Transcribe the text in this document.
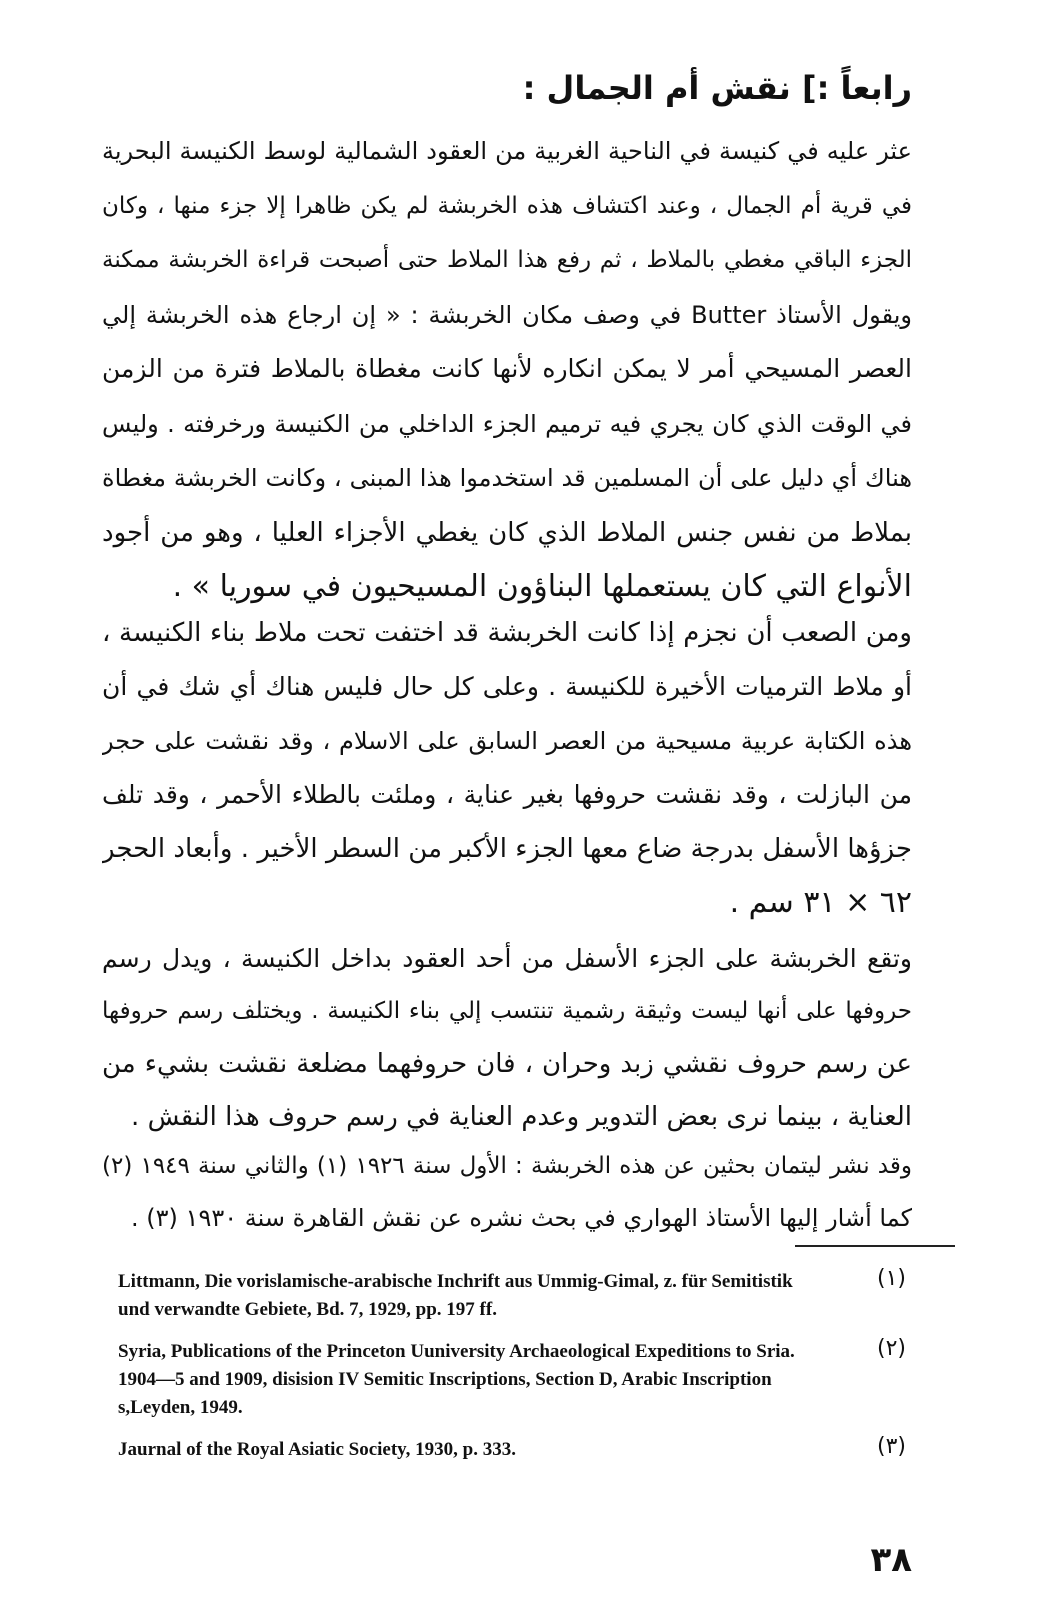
رابعاً :] نقش أم الجمال :
عثر عليه في كنيسة في الناحية الغربية من العقود الشمالية لوسط الكنيسة البحرية
في قرية أم الجمال ، وعند اكتشاف هذه الخربشة لم يكن ظاهرا إلا جزء منها ، وكان
الجزء الباقي مغطي بالملاط ، ثم رفع هذا الملاط حتى أصبحت قراءة الخربشة ممكنة
ويقول الأستاذ Butter في وصف مكان الخربشة : « إن ارجاع هذه الخربشة إلي
العصر المسيحي أمر لا يمكن انكاره لأنها كانت مغطاة بالملاط فترة من الزمن
في الوقت الذي كان يجري فيه ترميم الجزء الداخلي من الكنيسة ورخرفته . وليس
هناك أي دليل على أن المسلمين قد استخدموا هذا المبنى ، وكانت الخربشة مغطاة
بملاط من نفس جنس الملاط الذي كان يغطي الأجزاء العليا ، وهو من أجود
الأنواع التي كان يستعملها البناؤون المسيحيون في سوريا » .
ومن الصعب أن نجزم إذا كانت الخربشة قد اختفت تحت ملاط بناء الكنيسة ،
أو ملاط الترميات الأخيرة للكنيسة . وعلى كل حال فليس هناك أي شك في أن
هذه الكتابة عربية مسيحية من العصر السابق على الاسلام ، وقد نقشت على حجر
من البازلت ، وقد نقشت حروفها بغير عناية ، وملئت بالطلاء الأحمر ، وقد تلف
جزؤها الأسفل بدرجة ضاع معها الجزء الأكبر من السطر الأخير . وأبعاد الحجر
٦٢ × ٣١ سم .
وتقع الخربشة على الجزء الأسفل من أحد العقود بداخل الكنيسة ، ويدل رسم
حروفها على أنها ليست وثيقة رشمية تنتسب إلي بناء الكنيسة . ويختلف رسم حروفها
عن رسم حروف نقشي زبد وحران ، فان حروفهما مضلعة نقشت بشيء من
العناية ، بينما نرى بعض التدوير وعدم العناية في رسم حروف هذا النقش .
وقد نشر ليتمان بحثين عن هذه الخربشة : الأول سنة ١٩٢٦ (١) والثاني سنة ١٩٤٩ (٢)
كما أشار إليها الأستاذ الهواري في بحث نشره عن نقش القاهرة سنة ١٩٣٠ (٣) .
(١)
Littmann, Die vorislamische-arabische Inchrift aus Ummig-Gimal, z. für Semitistik und verwandte Gebiete, Bd. 7, 1929, pp. 197 ff.
(٢)
Syria, Publications of the Princeton Uuniversity Archaeological Expeditions to Sria. 1904—5 and 1909, disision IV Semitic Inscriptions, Section D, Arabic Inscription s,Leyden, 1949.
(٣)
Jaurnal of the Royal Asiatic Society, 1930, p. 333.
٣٨
